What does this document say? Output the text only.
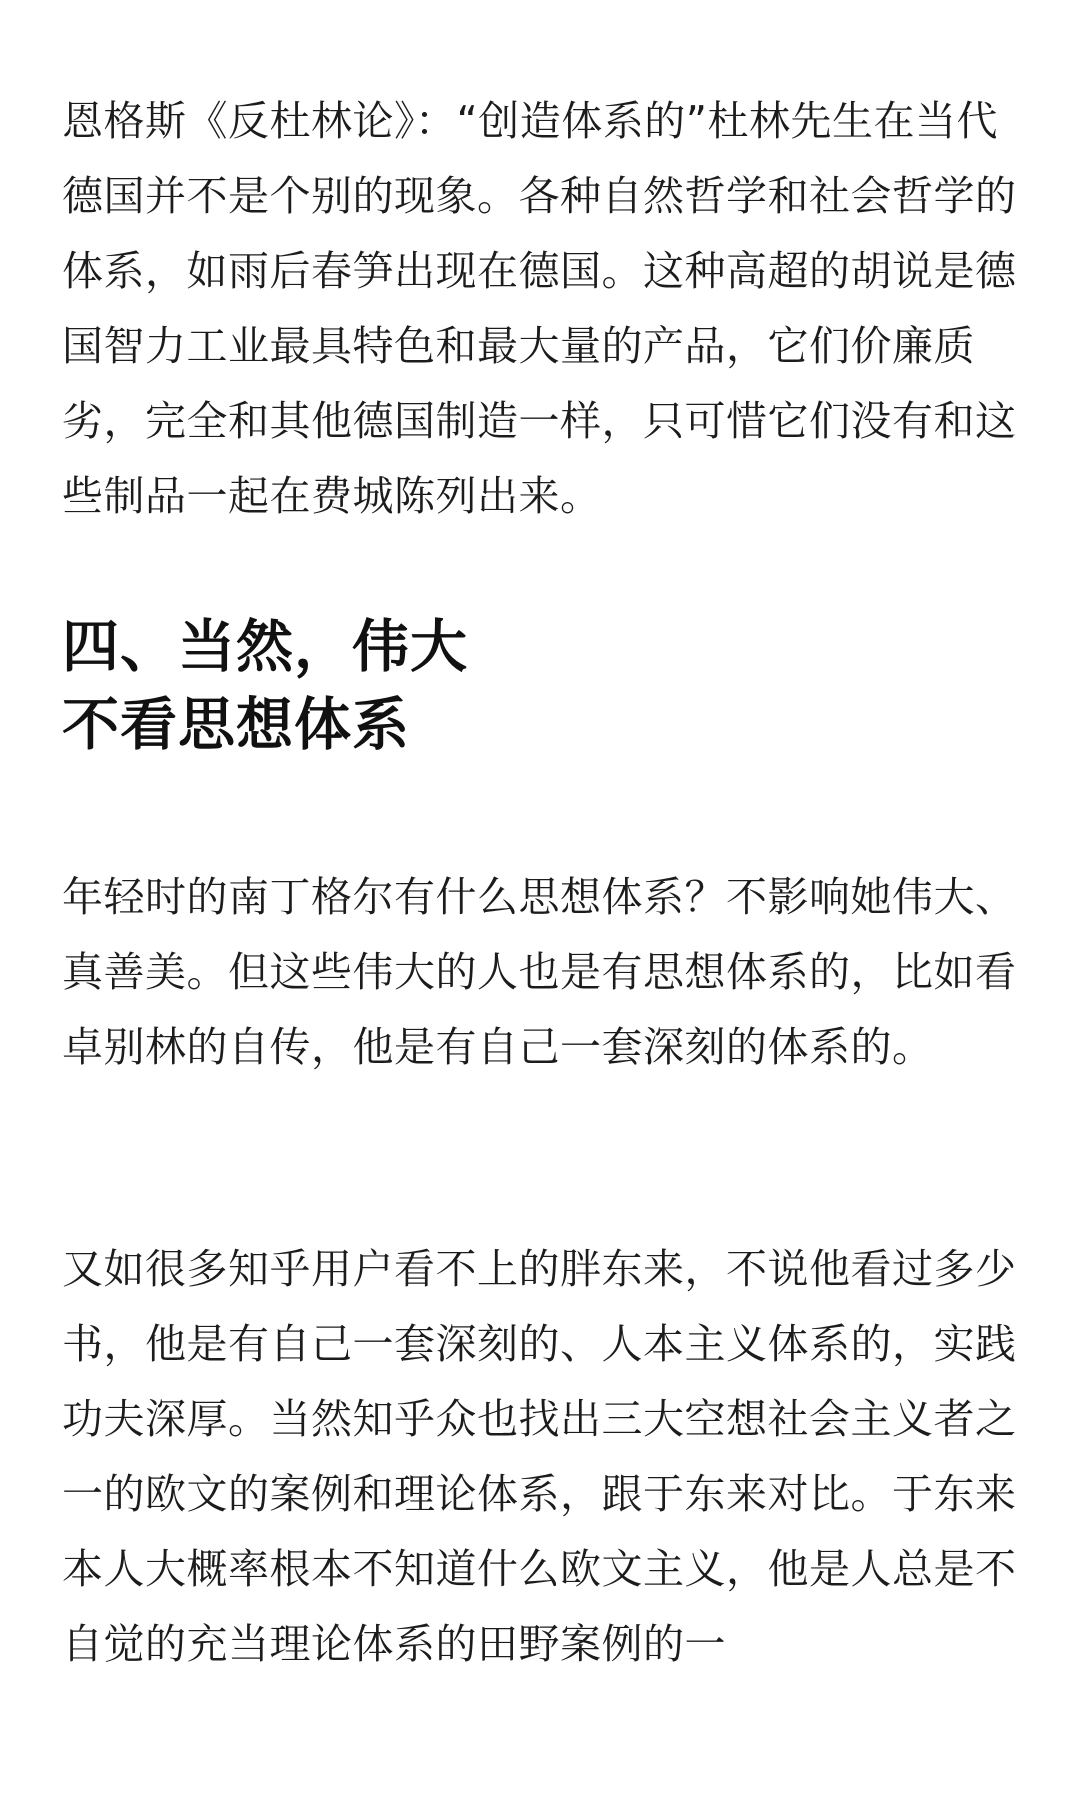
恩格斯《反杜林论》：“创造体系的”杜林先生在当代德国并不是个别的现象。各种自然哲学和社会哲学的体系，如雨后春笋出现在德国。这种高超的胡说是德国智力工业最具特色和最大量的产品，它们价廉质劣，完全和其他德国制造一样，只可惜它们没有和这些制品一起在费城陈列出来。

四、当然，伟大
不看思想体系

年轻时的南丁格尔有什么思想体系？不影响她伟大、真善美。但这些伟大的人也是有思想体系的，比如看卓别林的自传，他是有自己一套深刻的体系的。

又如很多知乎用户看不上的胖东来，不说他看过多少书，他是有自己一套深刻的、人本主义体系的，实践功夫深厚。当然知乎众也找出三大空想社会主义者之一的欧文的案例和理论体系，跟于东来对比。于东来本人大概率根本不知道什么欧文主义，他是人总是不自觉的充当理论体系的田野案例的一
